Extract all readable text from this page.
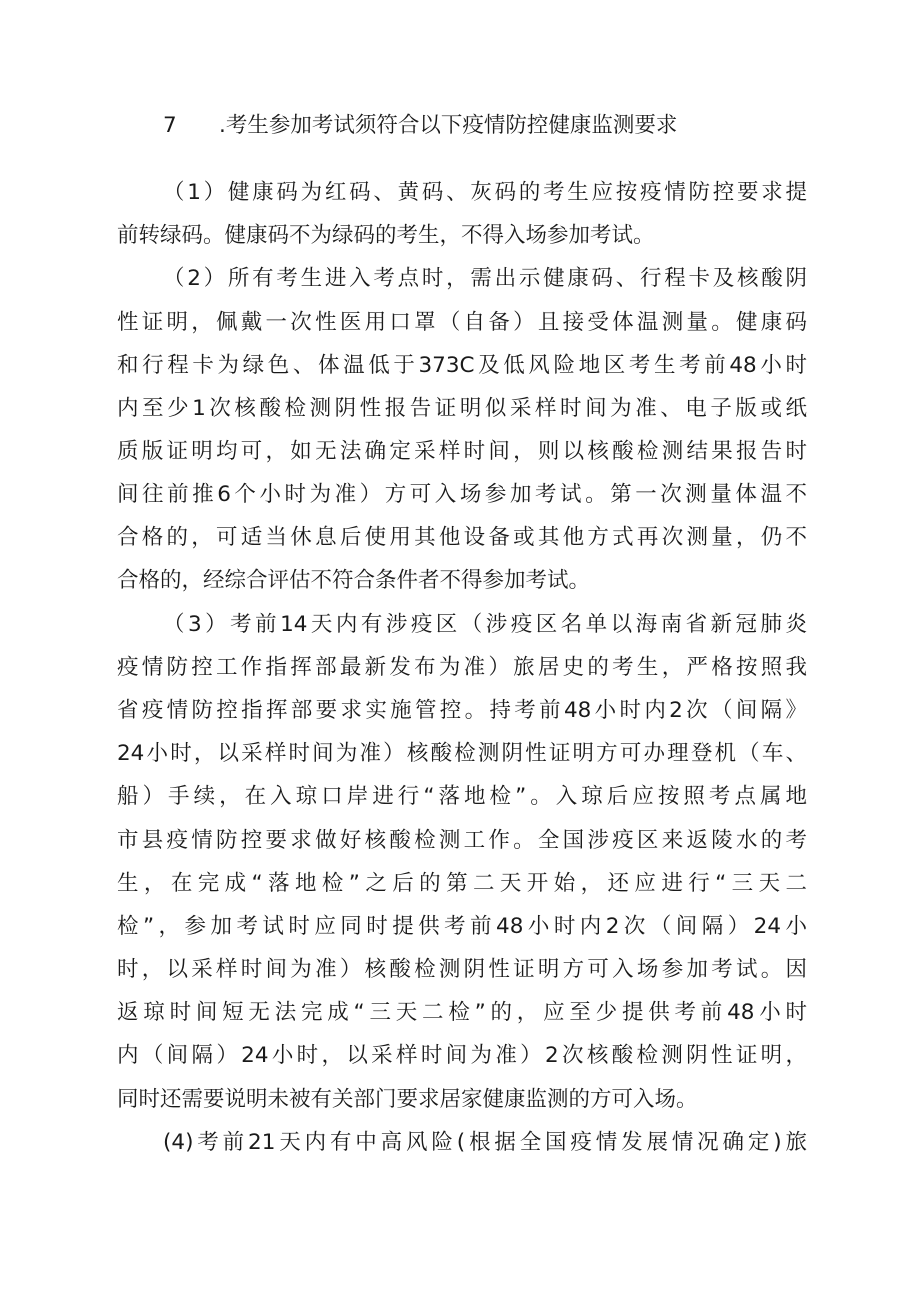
7 .考生参加考试须符合以下疫情防控健康监测要求
（1）健康码为红码、黄码、灰码的考生应按疫情防控要求提
前转绿码。健康码不为绿码的考生，不得入场参加考试。
（2）所有考生进入考点时，需出示健康码、行程卡及核酸阴
性证明，佩戴一次性医用口罩（自备）且接受体温测量。健康码
和行程卡为绿色、体温低于373C及低风险地区考生考前48小时
内至少1次核酸检测阴性报告证明似采样时间为准、电子版或纸
质版证明均可，如无法确定采样时间，则以核酸检测结果报告时
间往前推6个小时为准）方可入场参加考试。第一次测量体温不
合格的，可适当休息后使用其他设备或其他方式再次测量，仍不
合格的，经综合评估不符合条件者不得参加考试。
（3）考前14天内有涉疫区（涉疫区名单以海南省新冠肺炎
疫情防控工作指挥部最新发布为准）旅居史的考生，严格按照我
省疫情防控指挥部要求实施管控。持考前48小时内2次（间隔》
24小时，以采样时间为准）核酸检测阴性证明方可办理登机（车、
船）手续，在入琼口岸进行“落地检”。入琼后应按照考点属地
市县疫情防控要求做好核酸检测工作。全国涉疫区来返陵水的考
生，在完成“落地检”之后的第二天开始，还应进行“三天二
检”，参加考试时应同时提供考前48小时内2次（间隔）24小
时，以采样时间为准）核酸检测阴性证明方可入场参加考试。因
返琼时间短无法完成“三天二检”的，应至少提供考前48小时
内（间隔）24小时，以采样时间为准）2次核酸检测阴性证明，
同时还需要说明未被有关部门要求居家健康监测的方可入场。
(4)考前21天内有中高风险(根据全国疫情发展情况确定)旅
